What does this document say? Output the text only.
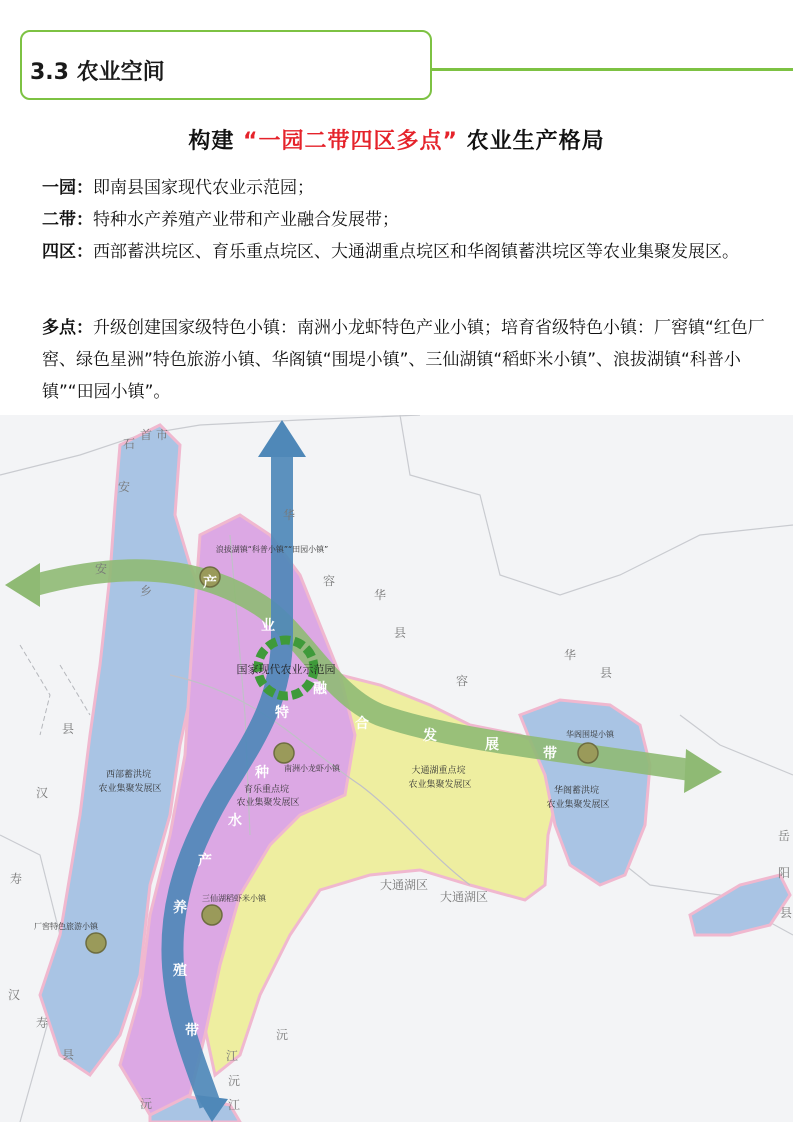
3.3 农业空间
构建 “一园二带四区多点” 农业生产格局
一园：即南县国家现代农业示范园；
二带：特种水产养殖产业带和产业融合发展带；
四区：西部蓄洪垸区、育乐重点垸区、大通湖重点垸区和华阁镇蓄洪垸区等农业集聚发展区。
多点：升级创建国家级特色小镇：南洲小龙虾特色产业小镇；培育省级特色小镇：厂窖镇“红色厂窖、绿色星洲”特色旅游小镇、华阁镇“围堤小镇”、三仙湖镇“稻虾米小镇”、浪拔湖镇“科普小镇”“田园小镇”。
国家现代农业示范园
产
业
融
合
发
展
带
特
种
水
产
养
殖
带
西部蓄洪垸 农业集聚发展区	育乐重点垸 农业集聚发展区
大通湖重点垸 农业集聚发展区
华阁蓄洪垸 农业集聚发展区
浪拔湖镇“科普小镇”“田园小镇”
南洲小龙虾小镇
三仙湖稻虾米小镇
华阁围堤小镇
厂窖特色旅游小镇
石
首 市
安
安
乡
县
汉
寿
汉
寿
县
沅
江
沅
江
沅
华
容
华
县
华
容
县
岳
阳
县
大通湖区
大通湖区
